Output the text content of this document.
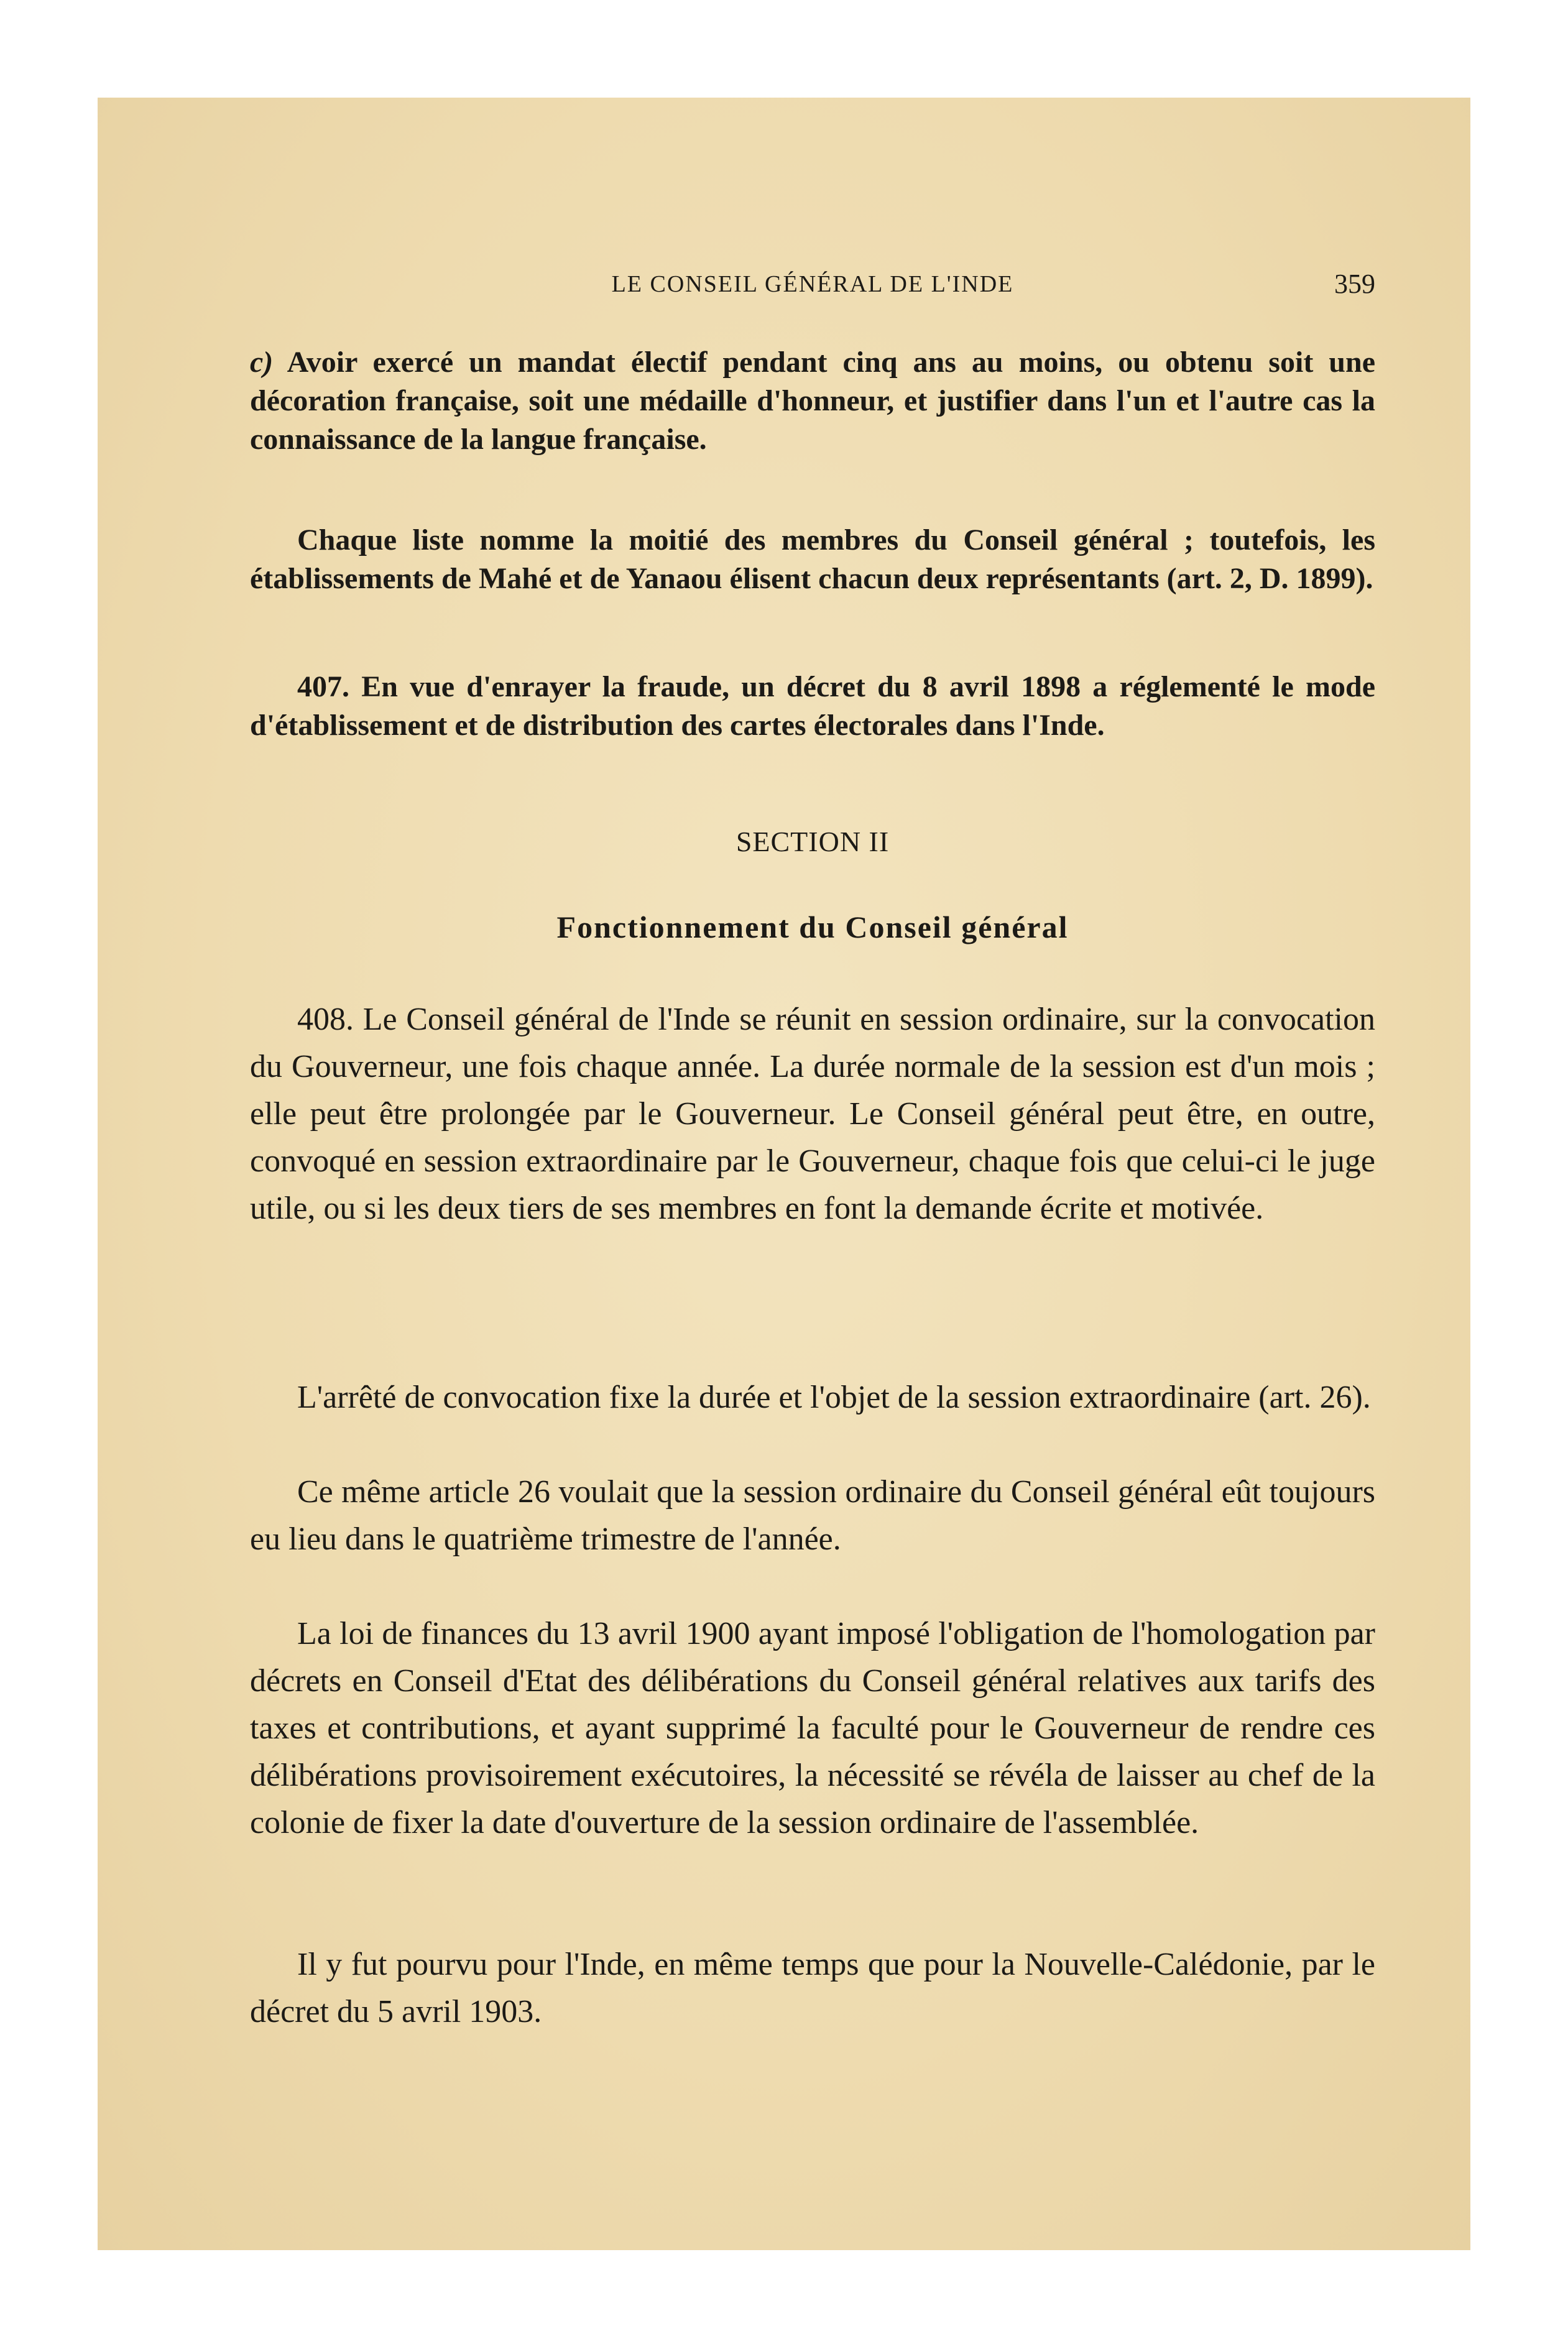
LE CONSEIL GÉNÉRAL DE L'INDE	359

c) Avoir exercé un mandat électif pendant cinq ans au moins, ou obtenu soit une décoration française, soit une médaille d'honneur, et justifier dans l'un et l'autre cas la connaissance de la langue française.

Chaque liste nomme la moitié des membres du Conseil général ; toutefois, les établissements de Mahé et de Yanaou élisent chacun deux représentants (art. 2, D. 1899).

407. En vue d'enrayer la fraude, un décret du 8 avril 1898 a réglementé le mode d'établissement et de distribution des cartes électorales dans l'Inde.

SECTION II
Fonctionnement du Conseil général

408. Le Conseil général de l'Inde se réunit en session ordinaire, sur la convocation du Gouverneur, une fois chaque année. La durée normale de la session est d'un mois ; elle peut être prolongée par le Gouverneur. Le Conseil général peut être, en outre, convoqué en session extraordinaire par le Gouverneur, chaque fois que celui-ci le juge utile, ou si les deux tiers de ses membres en font la demande écrite et motivée.

L'arrêté de convocation fixe la durée et l'objet de la session extraordinaire (art. 26).

Ce même article 26 voulait que la session ordinaire du Conseil général eût toujours eu lieu dans le quatrième trimestre de l'année.

La loi de finances du 13 avril 1900 ayant imposé l'obligation de l'homologation par décrets en Conseil d'Etat des délibérations du Conseil général relatives aux tarifs des taxes et contributions, et ayant supprimé la faculté pour le Gouverneur de rendre ces délibérations provisoirement exécutoires, la nécessité se révéla de laisser au chef de la colonie de fixer la date d'ouverture de la session ordinaire de l'assemblée.

Il y fut pourvu pour l'Inde, en même temps que pour la Nouvelle-Calédonie, par le décret du 5 avril 1903.
